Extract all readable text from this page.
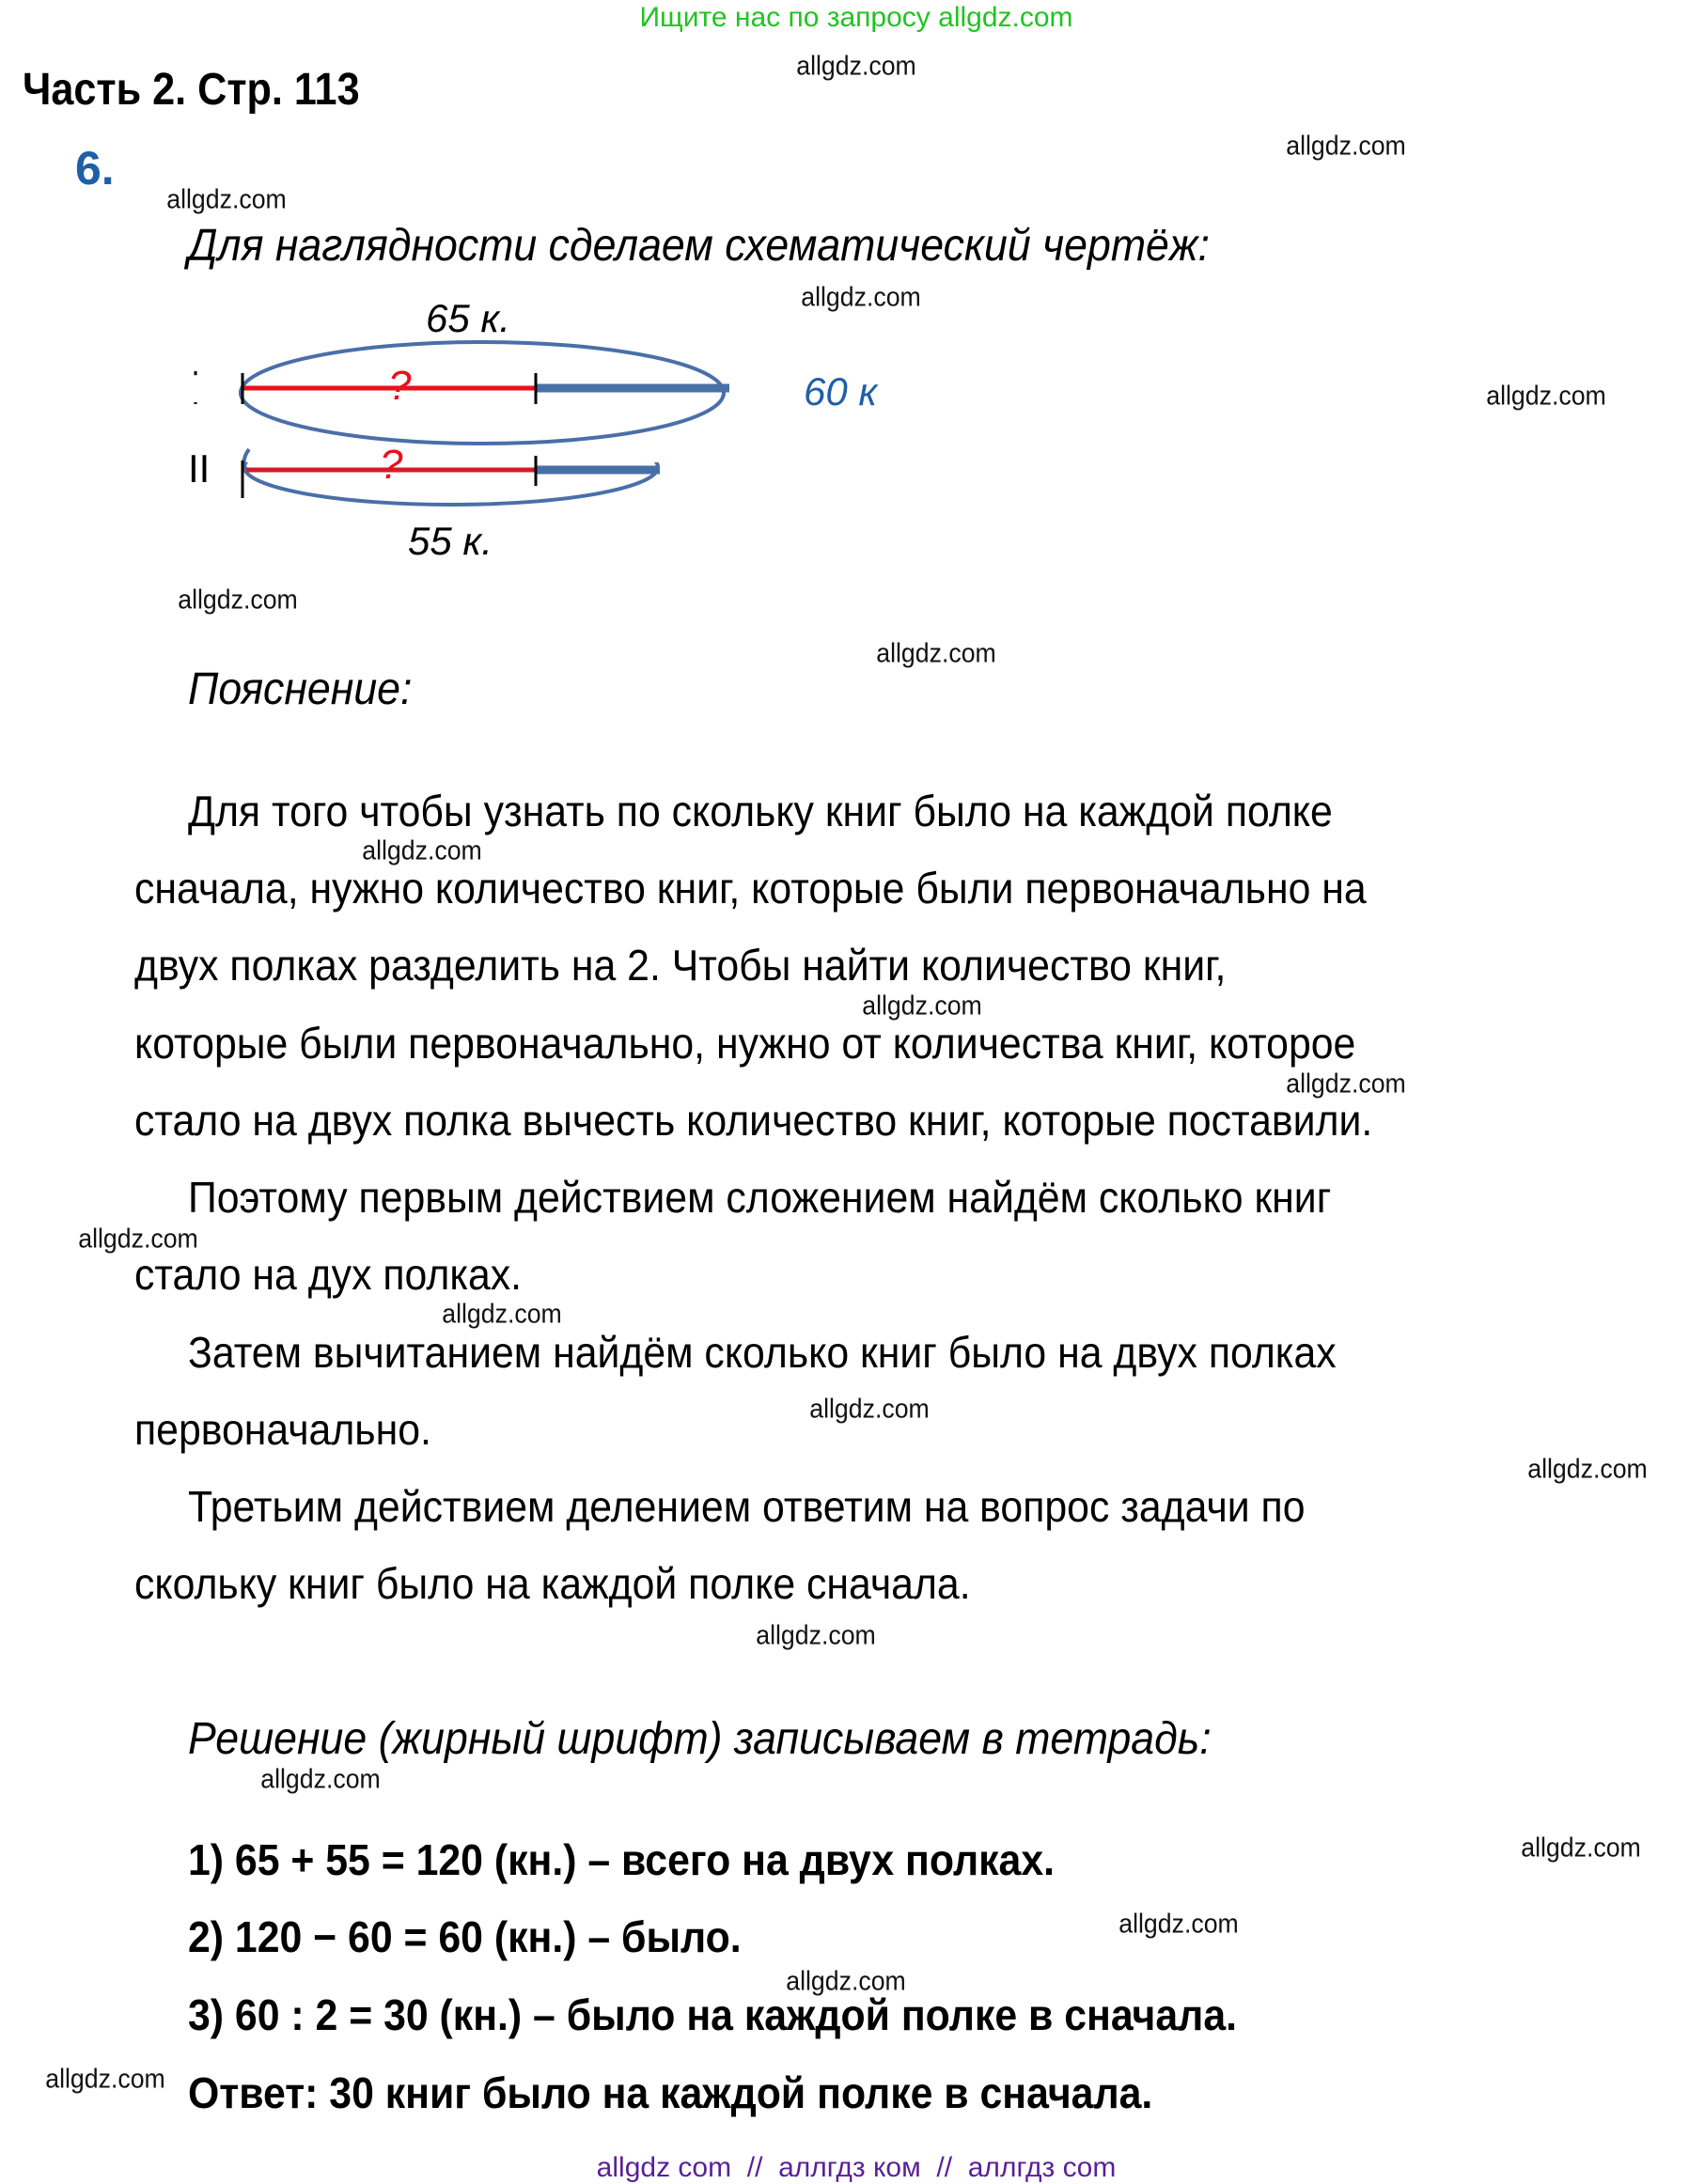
Ищите нас по запросу allgdz.com
Часть 2. Стр. 113
6.
Для наглядности сделаем схематический чертёж:
65 к.
I
II
?
?
60 к
55 к.
Пояснение:
Для того чтобы узнать по скольку книг было на каждой полке
сначала, нужно количество книг, которые были первоначально на
двух полках разделить на 2. Чтобы найти количество книг,
которые были первоначально, нужно от количества книг, которое
стало на двух полка вычесть количество книг, которые поставили.
Поэтому первым действием сложением найдём сколько книг
стало на дух полках.
Затем вычитанием найдём сколько книг было на двух полках
первоначально.
Третьим действием делением ответим на вопрос задачи по
скольку книг было на каждой полке сначала.
Решение (жирный шрифт) записываем в тетрадь:
1) 65 + 55 = 120 (кн.) – всего на двух полках.
2) 120 − 60 = 60 (кн.) – было.
3) 60 : 2 = 30 (кн.) – было на каждой полке в сначала.
Ответ: 30 книг было на каждой полке в сначала.
allgdz.com
allgdz.com
allgdz.com
allgdz.com
allgdz.com
allgdz.com
allgdz.com
allgdz.com
allgdz.com
allgdz.com
allgdz.com
allgdz.com
allgdz.com
allgdz.com
allgdz.com
allgdz.com
allgdz.com
allgdz.com
allgdz.com
allgdz.com
allgdz com  //  аллгдз ком  //  аллгдз com
